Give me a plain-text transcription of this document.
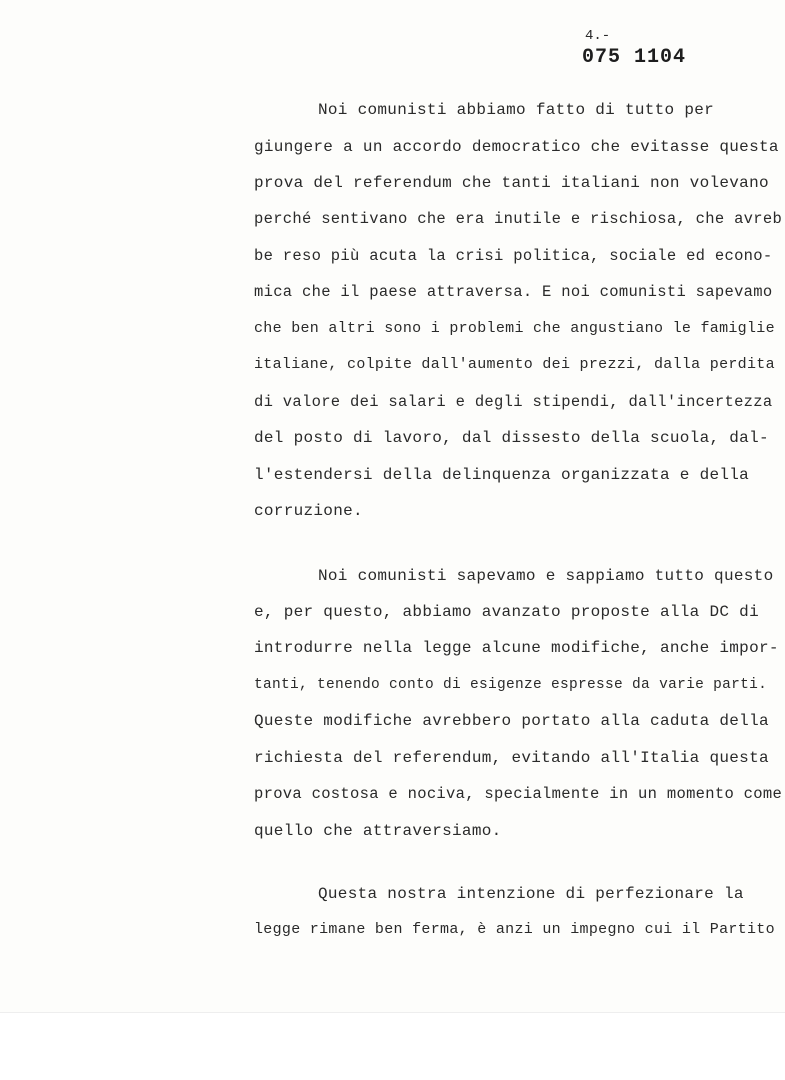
4.-
075 1104
Noi comunisti abbiamo fatto di tutto per
giungere a un accordo democratico che evitasse questa
prova del referendum che tanti italiani non volevano
perché sentivano che era inutile e rischiosa, che avreb
be reso più acuta la crisi politica, sociale ed econo-
mica che il paese attraversa. E noi comunisti sapevamo
che ben altri sono i problemi che angustiano le famiglie
italiane, colpite dall'aumento dei prezzi, dalla perdita
di valore dei salari e degli stipendi, dall'incertezza
del posto di lavoro, dal dissesto della scuola, dal-
l'estendersi della delinquenza organizzata e della
corruzione.
Noi comunisti sapevamo e sappiamo tutto questo
e, per questo, abbiamo avanzato proposte alla DC di
introdurre nella legge alcune modifiche, anche impor-
tanti, tenendo conto di esigenze espresse da varie parti.
Queste modifiche avrebbero portato alla caduta della
richiesta del referendum, evitando all'Italia questa
prova costosa e nociva, specialmente in un momento come
quello che attraversiamo.
Questa nostra intenzione di perfezionare la
legge rimane ben ferma, è anzi un impegno cui il Partito
